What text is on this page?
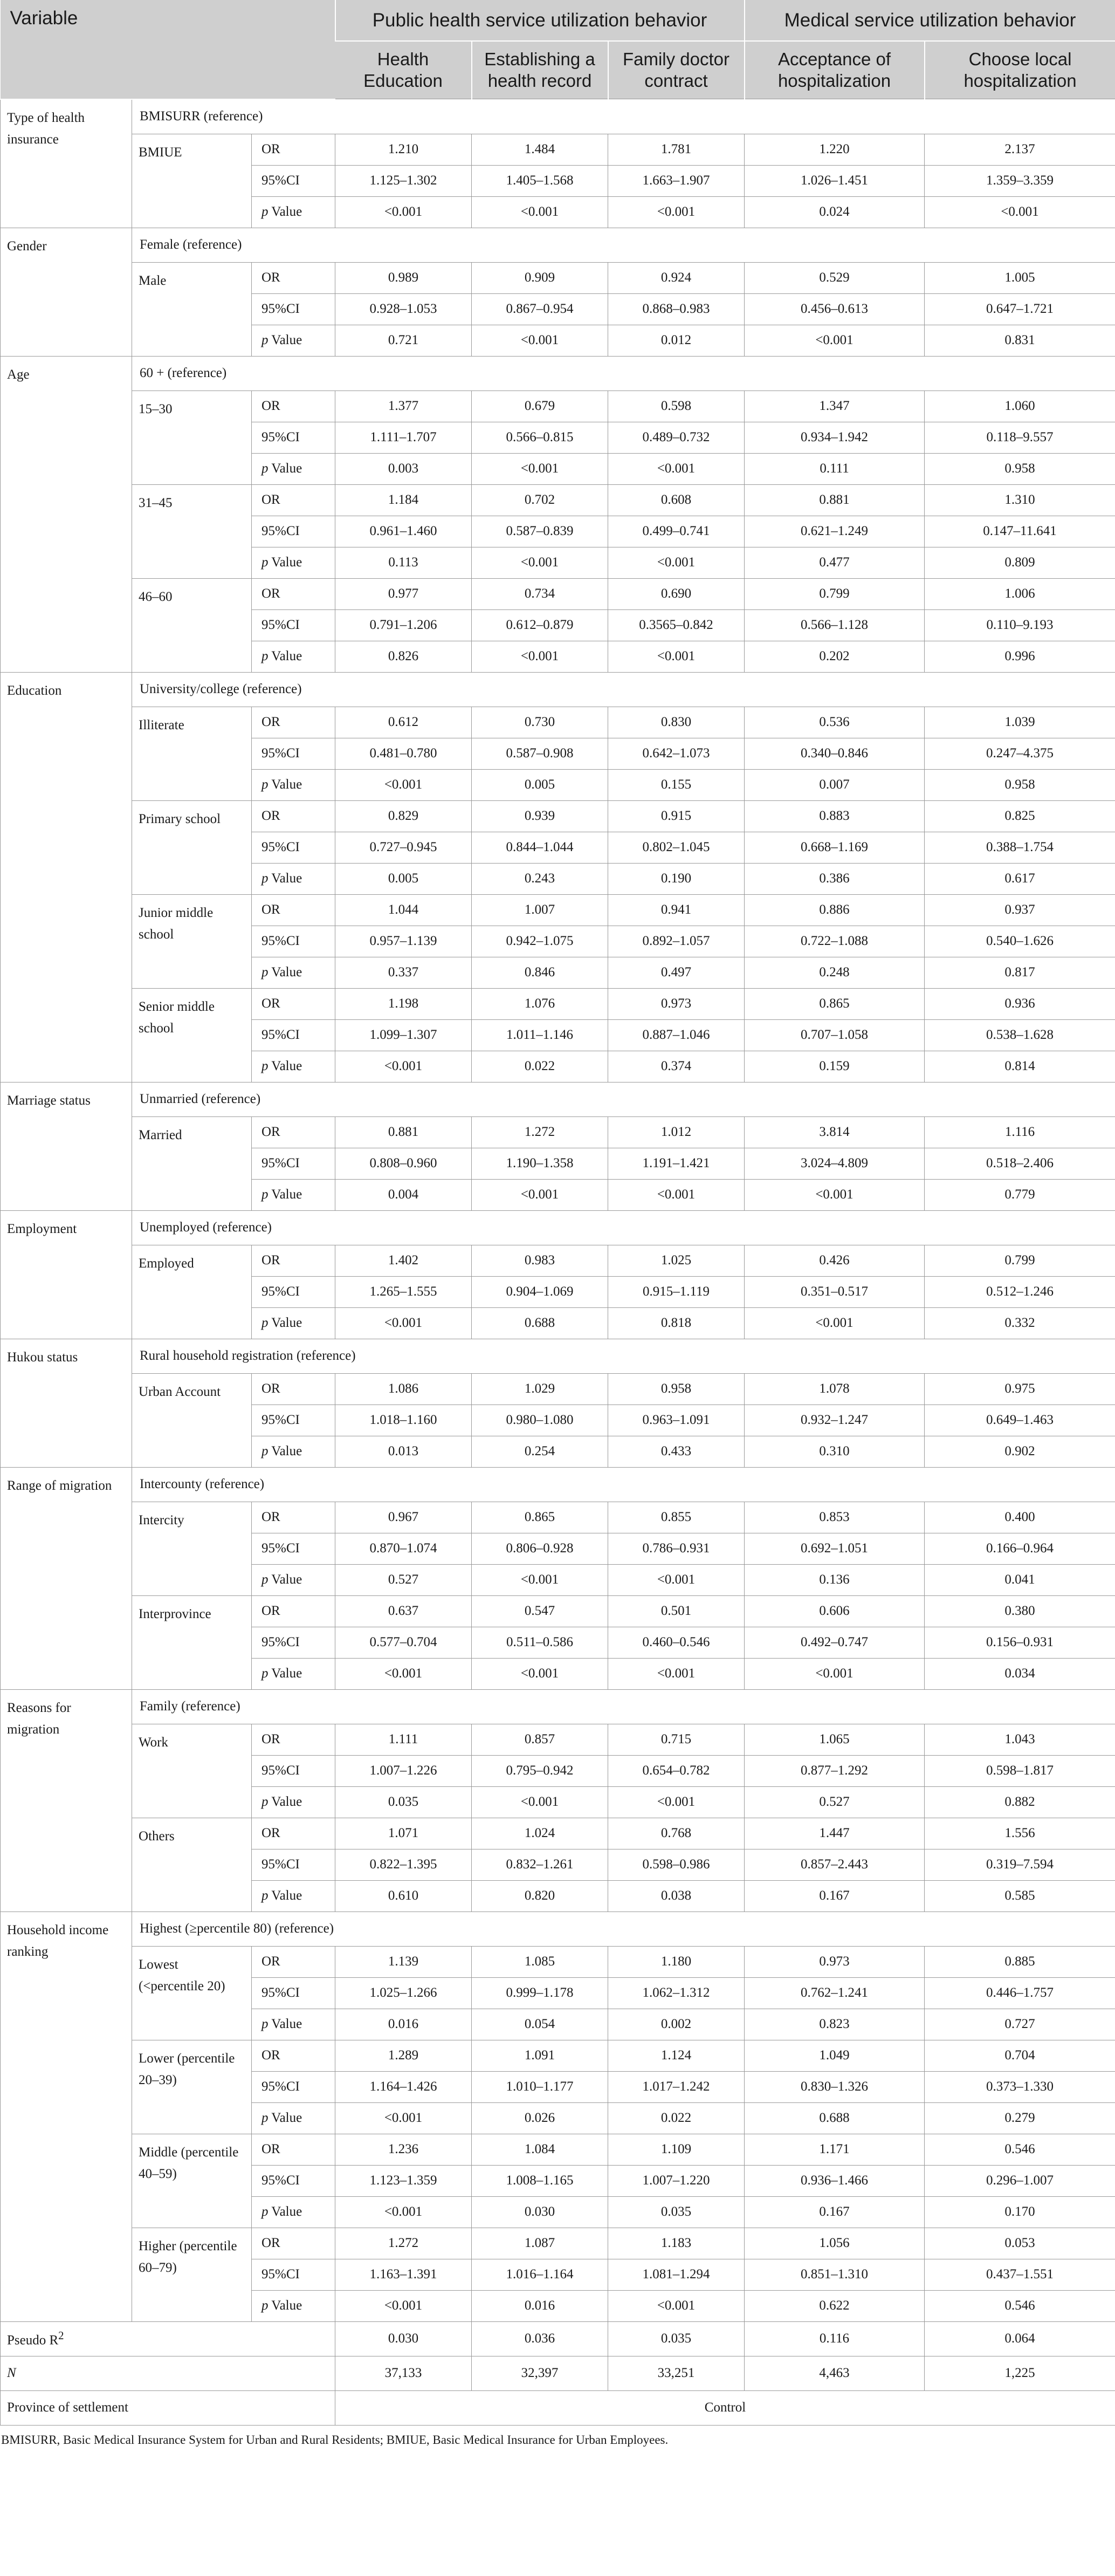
Variable			Public health service utilization behavior			Medical service utilization behavior	
			Health Education	Establishing a health record	Family doctor contract	Acceptance of hospitalization	Choose local hospitalization
Type of health insurance	BMISURR (reference)						
	BMIUE	OR	1.210	1.484	1.781	1.220	2.137
		95%CI	1.125–1.302	1.405–1.568	1.663–1.907	1.026–1.451	1.359–3.359
		p Value	<0.001	<0.001	<0.001	0.024	<0.001
Gender	Female (reference)						
	Male	OR	0.989	0.909	0.924	0.529	1.005
		95%CI	0.928–1.053	0.867–0.954	0.868–0.983	0.456–0.613	0.647–1.721
		p Value	0.721	<0.001	0.012	<0.001	0.831
Age	60 + (reference)						
	15–30	OR	1.377	0.679	0.598	1.347	1.060
		95%CI	1.111–1.707	0.566–0.815	0.489–0.732	0.934–1.942	0.118–9.557
		p Value	0.003	<0.001	<0.001	0.111	0.958
	31–45	OR	1.184	0.702	0.608	0.881	1.310
		95%CI	0.961–1.460	0.587–0.839	0.499–0.741	0.621–1.249	0.147–11.641
		p Value	0.113	<0.001	<0.001	0.477	0.809
	46–60	OR	0.977	0.734	0.690	0.799	1.006
		95%CI	0.791–1.206	0.612–0.879	0.3565–0.842	0.566–1.128	0.110–9.193
		p Value	0.826	<0.001	<0.001	0.202	0.996
Education	University/college (reference)						
	Illiterate	OR	0.612	0.730	0.830	0.536	1.039
		95%CI	0.481–0.780	0.587–0.908	0.642–1.073	0.340–0.846	0.247–4.375
		p Value	<0.001	0.005	0.155	0.007	0.958
	Primary school	OR	0.829	0.939	0.915	0.883	0.825
		95%CI	0.727–0.945	0.844–1.044	0.802–1.045	0.668–1.169	0.388–1.754
		p Value	0.005	0.243	0.190	0.386	0.617
	Junior middle school	OR	1.044	1.007	0.941	0.886	0.937
		95%CI	0.957–1.139	0.942–1.075	0.892–1.057	0.722–1.088	0.540–1.626
		p Value	0.337	0.846	0.497	0.248	0.817
	Senior middle school	OR	1.198	1.076	0.973	0.865	0.936
		95%CI	1.099–1.307	1.011–1.146	0.887–1.046	0.707–1.058	0.538–1.628
		p Value	<0.001	0.022	0.374	0.159	0.814
Marriage status	Unmarried (reference)						
	Married	OR	0.881	1.272	1.012	3.814	1.116
		95%CI	0.808–0.960	1.190–1.358	1.191–1.421	3.024–4.809	0.518–2.406
		p Value	0.004	<0.001	<0.001	<0.001	0.779
Employment	Unemployed (reference)						
	Employed	OR	1.402	0.983	1.025	0.426	0.799
		95%CI	1.265–1.555	0.904–1.069	0.915–1.119	0.351–0.517	0.512–1.246
		p Value	<0.001	0.688	0.818	<0.001	0.332
Hukou status	Rural household registration (reference)						
	Urban Account	OR	1.086	1.029	0.958	1.078	0.975
		95%CI	1.018–1.160	0.980–1.080	0.963–1.091	0.932–1.247	0.649–1.463
		p Value	0.013	0.254	0.433	0.310	0.902
Range of migration	Intercounty (reference)						
	Intercity	OR	0.967	0.865	0.855	0.853	0.400
		95%CI	0.870–1.074	0.806–0.928	0.786–0.931	0.692–1.051	0.166–0.964
		p Value	0.527	<0.001	<0.001	0.136	0.041
	Interprovince	OR	0.637	0.547	0.501	0.606	0.380
		95%CI	0.577–0.704	0.511–0.586	0.460–0.546	0.492–0.747	0.156–0.931
		p Value	<0.001	<0.001	<0.001	<0.001	0.034
Reasons for migration	Family (reference)						
	Work	OR	1.111	0.857	0.715	1.065	1.043
		95%CI	1.007–1.226	0.795–0.942	0.654–0.782	0.877–1.292	0.598–1.817
		p Value	0.035	<0.001	<0.001	0.527	0.882
	Others	OR	1.071	1.024	0.768	1.447	1.556
		95%CI	0.822–1.395	0.832–1.261	0.598–0.986	0.857–2.443	0.319–7.594
		p Value	0.610	0.820	0.038	0.167	0.585
Household income ranking	Highest (≥percentile 80) (reference)						
	Lowest (<percentile 20)	OR	1.139	1.085	1.180	0.973	0.885
		95%CI	1.025–1.266	0.999–1.178	1.062–1.312	0.762–1.241	0.446–1.757
		p Value	0.016	0.054	0.002	0.823	0.727
	Lower (percentile 20–39)	OR	1.289	1.091	1.124	1.049	0.704
		95%CI	1.164–1.426	1.010–1.177	1.017–1.242	0.830–1.326	0.373–1.330
		p Value	<0.001	0.026	0.022	0.688	0.279
	Middle (percentile 40–59)	OR	1.236	1.084	1.109	1.171	0.546
		95%CI	1.123–1.359	1.008–1.165	1.007–1.220	0.936–1.466	0.296–1.007
		p Value	<0.001	0.030	0.035	0.167	0.170
	Higher (percentile 60–79)	OR	1.272	1.087	1.183	1.056	0.053
		95%CI	1.163–1.391	1.016–1.164	1.081–1.294	0.851–1.310	0.437–1.551
		p Value	<0.001	0.016	<0.001	0.622	0.546
Pseudo $R^2$			0.030	0.036	0.035	0.116	0.064
N			37,133	32,397	33,251	4,463	1,225
Province of settlement			Control				
BMISURR, Basic Medical Insurance System for Urban and Rural Residents; BMIUE, Basic Medical Insurance for Urban Employees.
